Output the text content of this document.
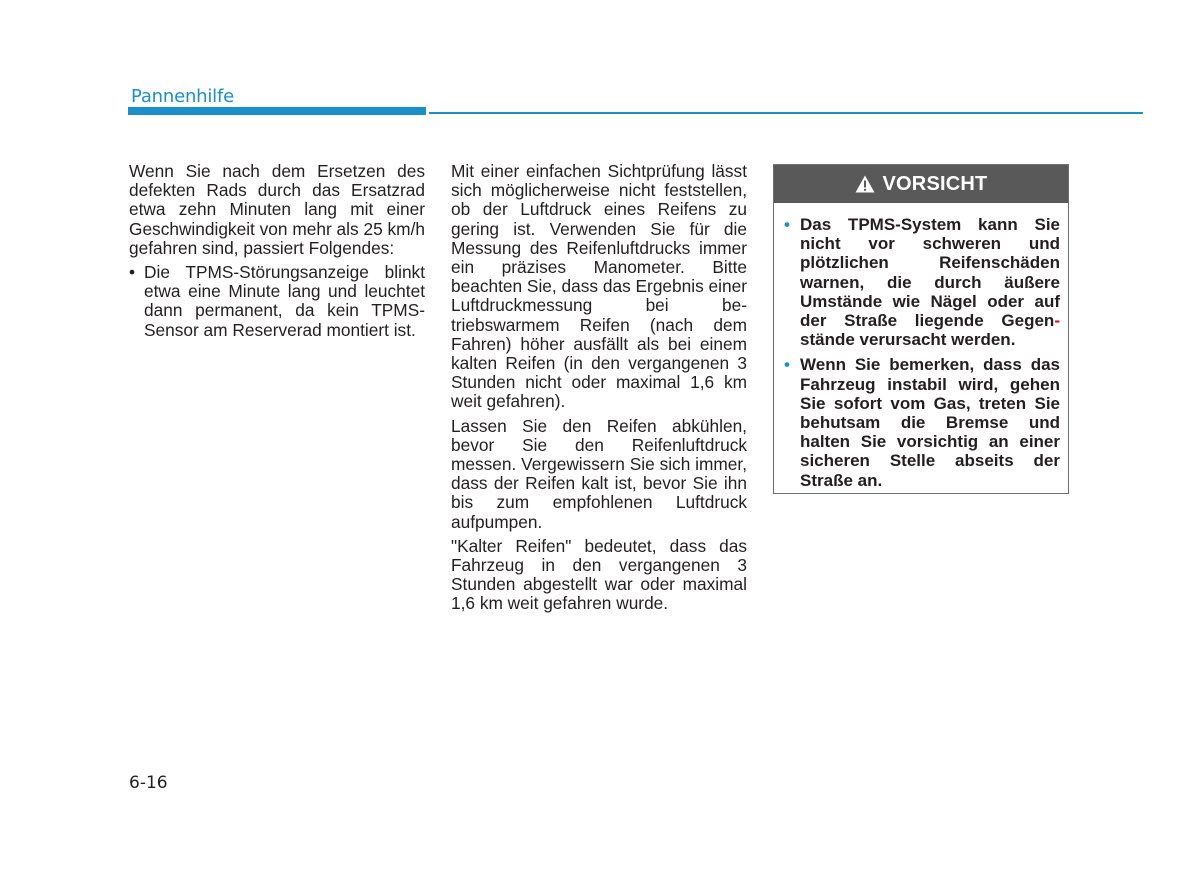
Pannenhilfe

Wenn Sie nach dem Ersetzen des defekten Rads durch das Ersatzrad etwa zehn Minuten lang mit einer Geschwindigkeit von mehr als 25 km/h gefahren sind, passiert Folgendes:

• Die TPMS-Störungsanzeige blinkt etwa eine Minute lang und leuchtet dann permanent, da kein TPMS-Sensor am Reserverad montiert ist.

Mit einer einfachen Sichtprüfung lässt sich möglicherweise nicht feststellen, ob der Luftdruck eines Reifens zu gering ist. Verwenden Sie für die Messung des Reifenluftdrucks immer ein präzises Manometer. Bitte beachten Sie, dass das Ergebnis einer Luftdruckmessung bei be-triebswarmem Reifen (nach dem Fahren) höher ausfällt als bei einem kalten Reifen (in den vergangenen 3 Stunden nicht oder maximal 1,6 km weit gefahren).

Lassen Sie den Reifen abkühlen, bevor Sie den Reifenluftdruck messen. Vergewissern Sie sich immer, dass der Reifen kalt ist, bevor Sie ihn bis zum empfohlenen Luftdruck aufpumpen.

"Kalter Reifen" bedeutet, dass das Fahrzeug in den vergangenen 3 Stunden abgestellt war oder maximal 1,6 km weit gefahren wurde.

VORSICHT
• Das TPMS-System kann Sie nicht vor schweren und plötzlichen Reifenschäden warnen, die durch äußere Umstände wie Nägel oder auf der Straße liegende Gegen-stände verursacht werden.
• Wenn Sie bemerken, dass das Fahrzeug instabil wird, gehen Sie sofort vom Gas, treten Sie behutsam die Bremse und halten Sie vorsichtig an einer sicheren Stelle abseits der Straße an.
6-16
